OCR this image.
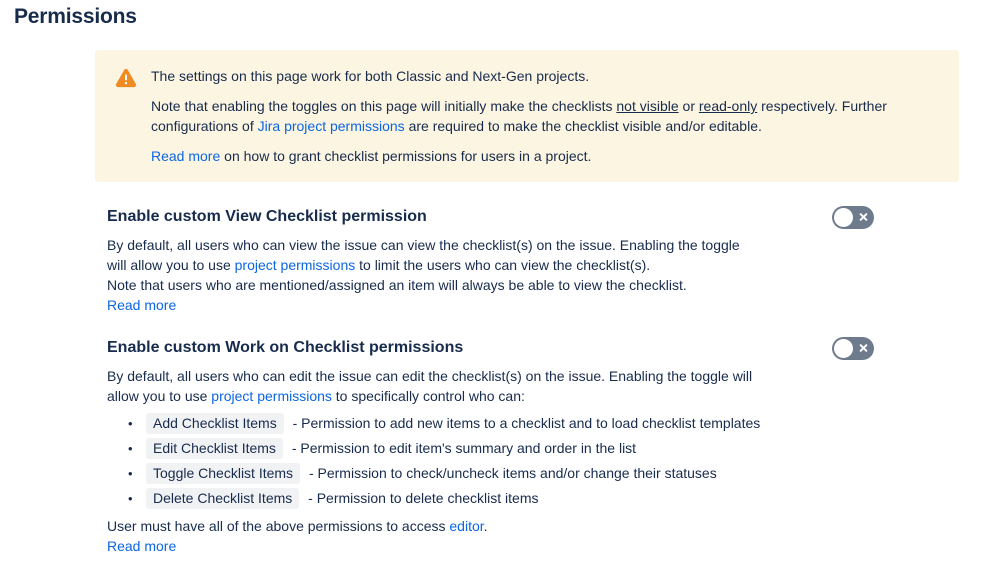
Permissions

The settings on this page work for both Classic and Next-Gen projects.

Note that enabling the toggles on this page will initially make the checklists not visible or read-only respectively. Further
configurations of Jira project permissions are required to make the checklist visible and/or editable.

Read more on how to grant checklist permissions for users in a project.

Enable custom View Checklist permission

By default, all users who can view the issue can view the checklist(s) on the issue. Enabling the toggle
will allow you to use project permissions to limit the users who can view the checklist(s).
Note that users who are mentioned/assigned an item will always be able to view the checklist.

Read more
Enable custom Work on Checklist permissions

By default, all users who can edit the issue can edit the checklist(s) on the issue. Enabling the toggle will
allow you to use project permissions to specifically control who can:

• Add Checklist Items - Permission to add new items to a checklist and to load checklist templates
• Edit Checklist Items - Permission to edit item's summary and order in the list
• Toggle Checklist Items - Permission to check/uncheck items and/or change their statuses
• Delete Checklist Items - Permission to delete checklist items

User must have all of the above permissions to access editor.

Read more
